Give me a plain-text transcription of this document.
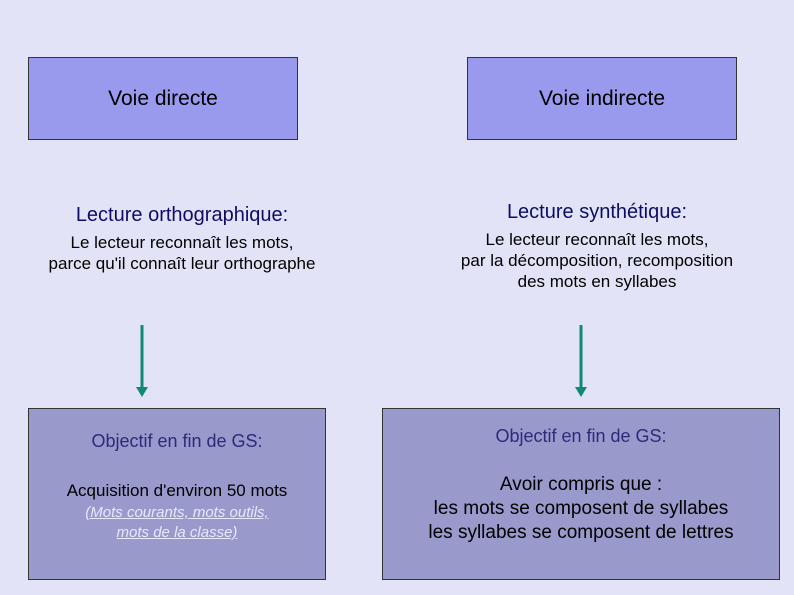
Voie directe	Voie indirecte
Lecture orthographique:
Le lecteur reconnaît les mots,
parce qu'il connaît leur orthographe
Lecture synthétique:
Le lecteur reconnaît les mots,
par la décomposition, recomposition
des mots en syllabes
Objectif en fin de GS:
Acquisition d'environ 50 mots
(Mots courants, mots outils,
mots de la classe)
Objectif en fin de GS:
Avoir compris que :
les mots se composent de syllabes
les syllabes se composent de lettres
